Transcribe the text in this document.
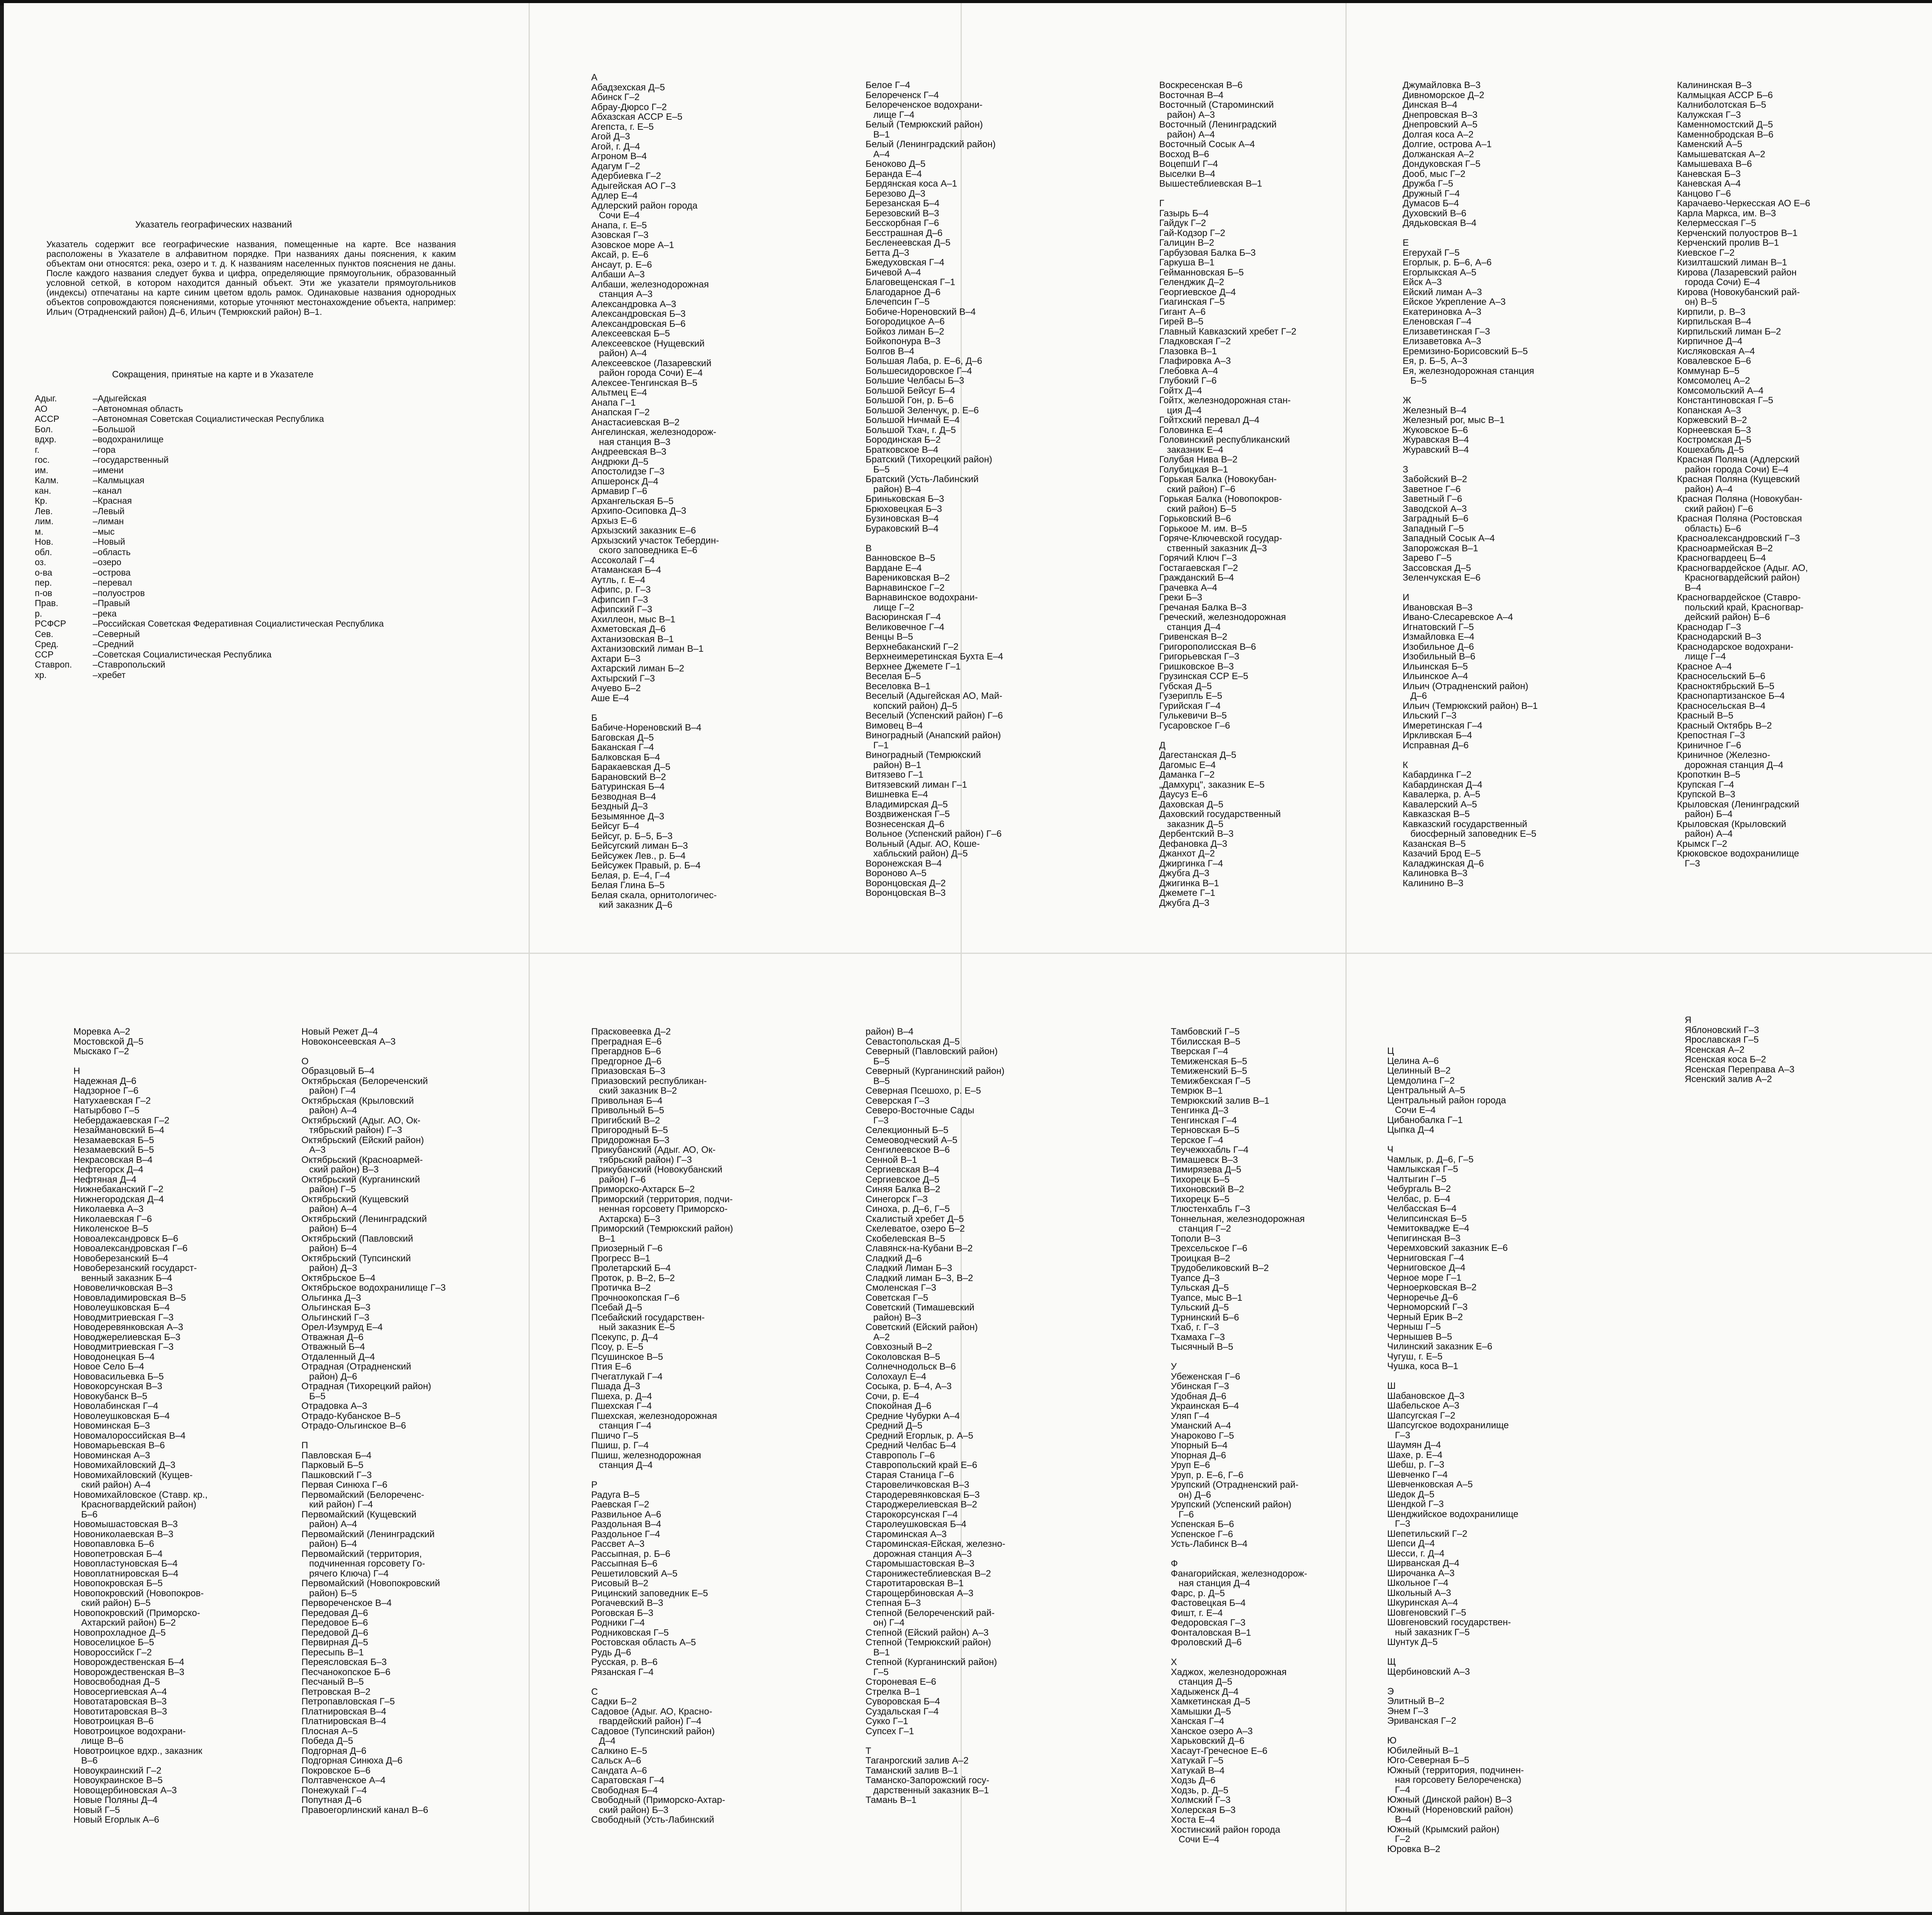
Указатель географических названий
Указатель содержит все географические названия, помещенные на карте. Все названия расположены в Указателе в алфавитном порядке. При названиях даны пояснения, к каким объектам они относятся: река, озеро и т. д. К названиям населенных пунктов пояснения не даны. После каждого названия следует буква и цифра, определяющие прямоугольник, образованный условной сеткой, в котором находится данный объект. Эти же указатели прямоугольников (индексы) отпечатаны на карте синим цветом вдоль рамок. Одинаковые названия однородных объектов сопровождаются пояснениями, которые уточняют местонахождение объекта, например: Ильич (Отрадненский район) Д–6, Ильич (Темрюкский район) В–1.
Сокращения, принятые на карте и в Указателе
Адыг.	–Адыгейская
АО	–Автономная область
АССР	–Автономная Советская Социалистическая Республика
Бол.	–Большой
вдхр.	–водохранилище
г.	–гора
гос.	–государственный
им.	–имени
Калм.	–Калмыцкая
кан.	–канал
Кр.	–Красная
Лев.	–Левый
лим.	–лиман
м.	–мыс
Нов.	–Новый
обл.	–область
оз.	–озеро
о-ва	–острова
пер.	–перевал
п-ов	–полуостров
Прав.	–Правый
р.	–река
РСФСР	–Российская Советская Федеративная Социалистическая Республика
Сев.	–Северный
Сред.	–Средний
ССР	–Советская Социалистическая Республика
Ставроп.	–Ставропольский
хр.	–хребет
А
Абадзехская Д–5
Абинск Г–2
Абрау-Дюрсо Г–2
Абхазская АССР Е–5
Агепста, г. Е–5
Агой Д–3
Агой, г. Д–4
Агроном В–4
Адагум Г–2
Адербиевка Г–2
Адыгейская АО Г–3
Адлер Е–4
Адлерский район города
Сочи Е–4
Анапа, г. Е–5
Азовская Г–3
Азовское море А–1
Аксай, р. Е–6
Ансаут, р. Е–6
Албаши А–3
Албаши, железнодорожная
станция А–3
Александровка А–3
Александровская Б–3
Александровская Б–6
Алексеевская Б–5
Алексеевское (Нущевский
район) А–4
Алексеевское (Лазаревский
район города Сочи) Е–4
Алексее-Тенгинская В–5
Альтмец Е–4
Анапа Г–1
Анапская Г–2
Анастасиевская В–2
Ангелинская, железнодорож-
ная станция В–3
Андреевская В–3
Андрюки Д–5
Апостолидзе Г–3
Апшеронск Д–4
Армавир Г–6
Архангельская Б–5
Архипо-Осиповка Д–3
Архыз Е–6
Архызский заказник Е–6
Архызский участок Тебердин-
ского заповедника Е–6
Ассоколай Г–4
Атаманская Б–4
Аутль, г. Е–4
Афипс, р. Г–3
Афипсип Г–3
Афипский Г–3
Ахиллеон, мыс В–1
Ахметовская Д–6
Ахтанизовская В–1
Ахтанизовский лиман В–1
Ахтари Б–3
Ахтарский лиман Б–2
Ахтырский Г–3
Ачуево Б–2
Аше Е–4

Б
Бабиче-Нореновский В–4
Баговская Д–5
Баканская Г–4
Балковская Б–4
Баракаевская Д–5
Барановский В–2
Батуринская Б–4
Безводная В–4
Бездный Д–3
Безымянное Д–3
Бейсуг Б–4
Бейсуг, р. Б–5, Б–3
Бейсугский лиман Б–3
Бейсужек Лев., р. Б–4
Бейсужек Правый, р. Б–4
Белая, р. Е–4, Г–4
Белая Глина Б–5
Белая скала, орнитологичес-
кий заказник Д–6
Белое Г–4
Белореченск Г–4
Белореченское водохрани-
лище Г–4
Белый (Темрюкский район)
В–1
Белый (Ленинградский район)
А–4
Беноково Д–5
Беранда Е–4
Бердянская коса А–1
Березово Д–3
Березанская Б–4
Березовский В–3
Бесскорбная Г–6
Бесстрашная Д–6
Бесленеевская Д–5
Бетта Д–3
Бжедуховская Г–4
Бичевой А–4
Благовещенская Г–1
Благодарное Д–6
Блечепсин Г–5
Бобиче-Нореновский В–4
Богородицкое А–6
Бойкоз лиман Б–2
Бойкопонура В–3
Болгов В–4
Большая Лаба, р. Е–6, Д–6
Большесидоровское Г–4
Большие Челбасы Б–3
Большой Бейсуг Б–4
Большой Гон, р. Б–6
Большой Зеленчук, р. Е–6
Большой Ничмай Е–4
Большой Тхач, г. Д–5
Бородинская Б–2
Братковское В–4
Братский (Тихорецкий район)
Б–5
Братский (Усть-Лабинский
район) В–4
Бриньковская Б–3
Брюховецкая Б–3
Бузиновская В–4
Бураковский В–4

В
Ванновское В–5
Вардане Е–4
Варениковская В–2
Варнавинское Г–2
Варнавинское водохрани-
лище Г–2
Васюринская Г–4
Великовечное Г–4
Венцы В–5
Верхнебаканский Г–2
Верхнеимеретинская Бухта Е–4
Верхнее Джемете Г–1
Веселая Б–5
Веселовка В–1
Веселый (Адыгейская АО, Май-
копский район) Д–5
Веселый (Успенский район) Г–6
Вимовец В–4
Виноградный (Анапский район)
Г–1
Виноградный (Темрюкский
район) В–1
Витязево Г–1
Витязевский лиман Г–1
Вишневка Е–4
Владимирская Д–5
Воздвиженская Г–5
Вознесенская Д–6
Вольное (Успенский район) Г–6
Вольный (Адыг. АО, Коше-
хабльский район) Д–5
Воронежская В–4
Вороново А–5
Воронцовская Д–2
Воронцовская В–3
Воскресенская В–6
Восточная В–4
Восточный (Староминский
район) А–3
Восточный (Ленинградский
район) А–4
Восточный Сосык А–4
Восход В–6
ВоцепшИ Г–4
Выселки В–4
Вышестеблиевская В–1

Г
Газырь Б–4
Гайдук Г–2
Гай-Кодзор Г–2
Галицин В–2
Гарбузовая Балка Б–3
Гаркуша В–1
Гейманновская Б–5
Геленджик Д–2
Георгиевское Д–4
Гиагинская Г–5
Гигант А–6
Гирей В–5
Главный Кавказский хребет Г–2
Гладковская Г–2
Глазовка В–1
Глафировка А–3
Глебовка А–4
Глубокий Г–6
Гойтх Д–4
Гойтх, железнодорожная стан-
ция Д–4
Гойтхский перевал Д–4
Головинка Е–4
Головинский республиканский
заказник Е–4
Голубая Нива В–2
Голубицкая В–1
Горькая Балка (Новокубан-
ский район) Г–6
Горькая Балка (Новопокров-
ский район) Б–5
Горьковский В–6
Горькоое М. им. В–5
Горяче-Ключевской государ-
ственный заказник Д–3
Горячий Ключ Г–3
Гостагаевская Г–2
Гражданский Б–4
Грачевка А–4
Греки Б–3
Гречаная Балка В–3
Греческий, железнодорожная
станция Д–4
Гривенская В–2
Григорополисская В–6
Григорьевская Г–3
Гришковское В–3
Грузинская ССР Е–5
Губская Д–5
Гузерипль Е–5
Гурийская Г–4
Гулькевичи В–5
Гусаровское Г–6

Д
Дагестанская Д–5
Дагомыс Е–4
Даманка Г–2
„Дамхурц", заказник Е–5
Даусуз Е–6
Даховская Д–5
Даховский государственный
заказник Д–5
Дербентский В–3
Дефановка Д–3
Джанхот Д–2
Джиргинка Г–4
Джубга Д–3
Джигинка В–1
Джемете Г–1
Джубга Д–3
Джумайловка В–3
Дивноморское Д–2
Динская В–4
Днепровская В–3
Днепровский А–5
Долгая коса А–2
Долгие, острова А–1
Должанская А–2
Дондуковская Г–5
Дооб, мыс Г–2
Дружба Г–5
Дружный Г–4
Думасов Б–4
Духовский В–6
Дядьковская В–4

Е
Егерухай Г–5
Егорлык, р. Б–6, А–6
Егорлыкская А–5
Ейск А–3
Ейский лиман А–3
Ейское Укрепление А–3
Екатериновка А–3
Еленовская Г–4
Елизаветинская Г–3
Елизаветовка А–3
Еремизино-Борисовский Б–5
Ея, р. Б–5, А–3
Ея, железнодорожная станция
Б–5

Ж
Железный В–4
Железный рог, мыс В–1
Жуковское Б–6
Журавская В–4
Журавский В–4

З
Забойский В–2
Заветное Г–6
Заветный Г–6
Заводской А–3
Заградный Б–6
Западный Г–5
Западный Сосык А–4
Запорожская В–1
Зарево Г–5
Зассовская Д–5
Зеленчукская Е–6

И
Ивановская В–3
Ивано-Слесаревское А–4
Игнатовский Г–5
Измайловка Е–4
Изобильное Д–6
Изобильный В–6
Ильинская Б–5
Ильинское А–4
Ильич (Отрадненский район)
Д–6
Ильич (Темрюкский район) В–1
Ильский Г–3
Имеретинская Г–4
Иркливская Б–4
Исправная Д–6

К
Кабардинка Г–2
Кабардинская Д–4
Кавалерка, р. А–5
Кавалерский А–5
Кавказская В–5
Кавказский государственный
биосферный заповедник Е–5
Казанская В–5
Казачий Брод Е–5
Каладжинская Д–6
Калиновка В–3
Калинино В–3
Калининская В–3
Калмыцкая АССР Б–6
Калниболотская Б–5
Калужская Г–3
Каменномостский Д–5
Каменнобродская В–6
Каменский А–5
Камышеватская А–2
Камышеваха В–6
Каневская Б–3
Каневская А–4
Канцово Г–6
Карачаево-Черкесская АО Е–6
Карла Маркса, им. В–3
Келермесская Г–5
Керченский полуостров В–1
Керченский пролив В–1
Киевское Г–2
Кизилташский лиман В–1
Кирова (Лазаревский район
города Сочи) Е–4
Кирова (Новокубанский рай-
он) В–5
Кирпили, р. В–3
Кирпильская В–4
Кирпильский лиман Б–2
Кирпичное Д–4
Кисляковская А–4
Ковалевское Б–6
Коммунар Б–5
Комсомолец А–2
Комсомольский А–4
Константиновская Г–5
Копанская А–3
Коржевский В–2
Корнеевская Б–3
Костромская Д–5
Кошехабль Д–5
Красная Поляна (Адлерский
район города Сочи) Е–4
Красная Поляна (Кущевский
район) А–4
Красная Поляна (Новокубан-
ский район) Г–6
Красная Поляна (Ростовская
область) Б–6
Красноалександровский Г–3
Красноармейская В–2
Красногвардеец Б–4
Красногвардейское (Адыг. АО,
Красногвардейский район)
В–4
Красногвардейское (Ставро-
польский край, Красногвар-
дейский район) Б–6
Краснодар Г–3
Краснодарский В–3
Краснодарское водохрани-
лище Г–4
Красное А–4
Красносельский Б–6
Красноктябрьский Б–5
Краснопартизанское Б–4
Красносельская В–4
Красный В–5
Красный Октябрь В–2
Крепостная Г–3
Криничное Г–6
Криничное (Железно-
дорожная станция Д–4
Кропоткин В–5
Крупская Г–4
Крупской В–3
Крыловская (Ленинградский
район) Б–4
Крыловская (Крыловский
район) А–4
Крымск Г–2
Крюковское водохранилище
Г–3
Моревка А–2
Мостовской Д–5
Мыскако Г–2

Н
Надежная Д–6
Надзорное Г–6
Натухаевская Г–2
Натырбово Г–5
Небердажаевская Г–2
Незаймановский Б–4
Незамаевская Б–5
Незамаевский Б–5
Некрасовская В–4
Нефтегорск Д–4
Нефтяная Д–4
Нижнебаканский Г–2
Нижнегородская Д–4
Николаевка А–3
Николаевская Г–6
Николенское В–5
Новоалександровск Б–6
Новоалександровская Г–6
Новоберезанский Б–4
Новоберезанский государст-
венный заказник Б–4
Нововеличковская В–3
Нововладимировская В–5
Новолеушковская Б–4
Новодмитриевская Г–3
Новодеревянковская А–3
Новоджерелиевская Б–3
Новодмитриевская Г–3
Новодонецкая Б–4
Новое Село Б–4
Нововасильевка Б–5
Новокорсунская В–3
Новокубанск В–5
Новолабинская Г–4
Новолеушковская Б–4
Новоминская Б–3
Новомалороссийская В–4
Новомарьевская В–6
Новоминская А–3
Новомихайловский Д–3
Новомихайловский (Кущев-
ский район) А–4
Новомихайловское (Ставр. кр.,
Красногвардейский район)
Б–6
Новомышастовская В–3
Новониколаевская В–3
Новопавловка Б–6
Новопетровская Б–4
Новопластуновская Б–4
Новоплатнировская Б–4
Новопокровская Б–5
Новопокровский (Новопокров-
ский район) Б–5
Новопокровский (Приморско-
Ахтарский район) Б–2
Новопрохладное Д–5
Новоселицкое Б–5
Новороссийск Г–2
Новорождественская Б–4
Новорождественская В–3
Новосвободная Д–5
Новосергиевская А–4
Новотатаровская В–3
Новотитаровская В–3
Новотроицкая В–6
Новотроицкое водохрани-
лище В–6
Новотроицкое вдхр., заказник
В–6
Новоукраинский Г–2
Новоукраинское В–5
Новощербиновская А–3
Новые Поляны Д–4
Новый Г–5
Новый Егорлык А–6
Новый Режет Д–4
Новоконсеевская А–3

О
Образцовый Б–4
Октябрьская (Белореченский
район) Г–4
Октябрьская (Крыловский
район) А–4
Октябрьский (Адыг. АО, Ок-
тябрьский район) Г–3
Октябрьский (Ейский район)
А–3
Октябрьский (Красноармей-
ский район) В–3
Октябрьский (Курганинский
район) Г–5
Октябрьский (Кущевский
район) А–4
Октябрьский (Ленинградский
район) Б–4
Октябрьский (Павловский
район) Б–4
Октябрьский (Тупсинский
район) Д–3
Октябрьское Б–4
Октябрьское водохранилище Г–3
Ольгинка Д–3
Ольгинская Б–3
Ольгинский Г–3
Орел-Изумруд Е–4
Отважная Д–6
Отважный Б–4
Отдаленный Д–4
Отрадная (Отрадненский
район) Д–6
Отрадная (Тихорецкий район)
Б–5
Отрадовка А–3
Отрадо-Кубанское В–5
Отрадо-Ольгинское В–6

П
Павловская Б–4
Парковый Б–5
Пашковский Г–3
Первая Синюха Г–6
Первомайский (Белореченс-
кий район) Г–4
Первомайский (Кущевский
район) А–4
Первомайский (Ленинградский
район) Б–4
Первомайский (территория,
подчиненная горсовету Го-
рячего Ключа) Г–4
Первомайский (Новопокровский
район) Б–5
Первореченское В–4
Передовая Д–6
Передовое Б–6
Передовой Д–6
Первирная Д–5
Пересыпь В–1
Переясловская Б–3
Песчанокопское Б–6
Песчаный В–5
Петровская В–2
Петропавловская Г–5
Платнировская В–4
Платнировская В–4
Плосная А–5
Победа Д–5
Подгорная Д–6
Подгорная Синюха Д–6
Покровское Б–6
Полтавченское А–4
Понежукай Г–4
Попутная Д–6
Правоегорлинский канал В–6
Прасковеевка Д–2
Преградная Е–6
Прегарднов Б–6
Предгорное Д–6
Приазовская Б–3
Приазовский республикан-
ский заказник В–2
Привольная Б–4
Привольный Б–5
Пригибский В–2
Пригородный Б–5
Придорожная Б–3
Прикубанский (Адыг. АО, Ок-
тябрьский район) Г–3
Прикубанский (Новокубанский
район) Г–6
Приморско-Ахтарск Б–2
Приморский (территория, подчи-
ненная горсовету Приморско-
Ахтарска) Б–3
Приморский (Темрюкский район)
В–1
Приозерный Г–6
Прогресс В–1
Пролетарский Б–4
Проток, р. В–2, Б–2
Протичка В–2
Прочноокопская Г–6
Псебай Д–5
Псебайский государствен-
ный заказник Е–5
Псекупс, р. Д–4
Псоу, р. Е–5
Псушинское В–5
Птия Е–6
Пчегатлукай Г–4
Пшада Д–3
Пшеха, р. Д–4
Пшехская Г–4
Пшехская, железнодорожная
станция Г–4
Пшичо Г–5
Пшиш, р. Г–4
Пшиш, железнодорожная
станция Д–4

Р
Радуга В–5
Раевская Г–2
Развильное А–6
Раздольная В–4
Раздольное Г–4
Рассвет А–3
Рассыпная, р. Б–6
Рассыпная Б–6
Решетиловский А–5
Рисовый В–2
Рицинский заповедник Е–5
Рогачевский В–3
Роговская Б–3
Родники Г–4
Родниковская Г–5
Ростовская область А–5
Рудь Д–6
Русская, р. В–6
Рязанская Г–4

С
Садки Б–2
Садовое (Адыг. АО, Красно-
гвардейский район) Г–4
Садовое (Тупсинский район)
Д–4
Салкино Е–5
Сальск А–6
Сандата А–6
Саратовская Г–4
Свободная Б–4
Свободный (Приморско-Ахтар-
ский район) Б–3
Свободный (Усть-Лабинский
район) В–4
Севастопольская Д–5
Северный (Павловский район)
Б–5
Северный (Курганинский район)
В–5
Северная Псешохо, р. Е–5
Северская Г–3
Северо-Восточные Сады
Г–3
Селекционный Б–5
Семеоводческий А–5
Сенгилеевское В–6
Сенной В–1
Сергиевская В–4
Сергиевское Д–5
Синяя Балка В–2
Синегорск Г–3
Синоха, р. Д–6, Г–5
Скалистый хребет Д–5
Скелеватое, озеро Б–2
Скобелевская В–5
Славянск-на-Кубани В–2
Сладкий Д–6
Сладкий Лиман Б–3
Сладкий лиман Б–3, В–2
Смоленская Г–3
Советская Г–5
Советский (Тимашевский
район) В–3
Советский (Ейский район)
А–2
Совхозный В–2
Соколовская В–5
Солнечнодольск В–6
Солохаул Е–4
Сосыка, р. Б–4, А–3
Сочи, р. Е–4
Спокойная Д–6
Средние Чубурки А–4
Средний Д–5
Средний Егорлык, р. А–5
Средний Челбас Б–4
Ставрополь Г–6
Ставропольский край Е–6
Старая Станица Г–6
Старовеличковская В–3
Стародеревянковская Б–3
Староджерелиевская В–2
Старокорсунская Г–4
Старолеушковская Б–4
Староминская А–3
Староминская-Ейская, железно-
дорожная станция А–3
Старомышастовская В–3
Старонижестеблиевская В–2
Старотитаровская В–1
Старощербиновская А–3
Степная Б–3
Степной (Белореченский рай-
он) Г–4
Степной (Ейский район) А–3
Степной (Темрюкский район)
В–1
Степной (Курганинский район)
Г–5
Стороневая Е–6
Стрелка В–1
Суворовская Б–4
Суздальская Г–4
Сукко Г–1
Супсех Г–1

Т
Таганрогский залив А–2
Таманский залив В–1
Таманско-Запорожский госу-
дарственный заказник В–1
Тамань В–1
Тамбовский Г–5
Тбилисская В–5
Тверская Г–4
Темиженская Б–5
Темиженский Б–5
Темижбекская Г–5
Темрюк В–1
Темрюкский залив В–1
Тенгинка Д–3
Тенгинская Г–4
Терновская Б–5
Терское Г–4
Теучежкхабль Г–4
Тимашевск В–3
Тимирязева Д–5
Тихорецк Б–5
Тихоновский В–2
Тихорецк Б–5
Тлюстенхабль Г–3
Тоннельная, железнодорожная
станция Г–2
Тополи В–3
Трехсельское Г–6
Троицкая В–2
Трудобеликовский В–2
Туапсе Д–3
Тульская Д–5
Туапсе, мыс В–1
Тульский Д–5
Турнинский Б–6
Тхаб, г. Г–3
Тхамаха Г–3
Тысячный В–5

У
Убеженская Г–6
Убинская Г–3
Удобная Д–6
Украинская Б–4
Уляп Г–4
Уманский А–4
Унароково Г–5
Упорный Б–4
Упорная Д–6
Уруп Е–6
Уруп, р. Е–6, Г–6
Урупский (Отрадненский рай-
он) Д–6
Урупский (Успенский район)
Г–6
Успенская Б–6
Успенское Г–6
Усть-Лабинск В–4

Ф
Фанагорийская, железнодорож-
ная станция Д–4
Фарс, р. Д–5
Фастовецкая Б–4
Фишт, г. Е–4
Федоровская Г–3
Фонталовская В–1
Фроловский Д–6

Х
Хаджох, железнодорожная
станция Д–5
Хадыженск Д–4
Хамкетинская Д–5
Хамышки Д–5
Ханская Г–4
Ханское озеро А–3
Харьковский Д–6
Хасаут-Гречесное Е–6
Хатукай Г–5
Хатукай В–4
Ходзь Д–6
Ходзь, р. Д–5
Холмский Г–3
Холерская Б–3
Хоста Е–4
Хостинский район города
Сочи Е–4
Ц
Целина А–6
Целинный В–2
Цемдолина Г–2
Центральный А–5
Центральный район города
Сочи Е–4
Цибанобалка Г–1
Цыпка Д–4

Ч
Чамлык, р. Д–6, Г–5
Чамлыкская Г–5
Чалтыгин Г–5
Чебургаль В–2
Челбас, р. Б–4
Челбасская Б–4
Челипсинская Б–5
Чемитоквадже Е–4
Чепигинская В–3
Черемховский заказник Е–6
Черниговская Г–4
Черниговское Д–4
Черное море Г–1
Черноерковская В–2
Черноречье Д–6
Черноморский Г–3
Черный Ерик В–2
Черныш Г–5
Чернышев В–5
Чилинский заказник Е–6
Чугуш, г. Е–5
Чушка, коса В–1

Ш
Шабановское Д–3
Шабельское А–3
Шапсугская Г–2
Шапсугское водохранилище
Г–3
Шаумян Д–4
Шахе, р. Е–4
Шебш, р. Г–3
Шевченко Г–4
Шевченковская А–5
Шедок Д–5
Шендкой Г–3
Шенджийское водохранилище
Г–3
Шепетильский Г–2
Шепси Д–4
Шесси, г. Д–4
Ширванская Д–4
Широчанка А–3
Школьное Г–4
Школьный А–3
Шкуринская А–4
Шовгеновский Г–5
Шовгеновский государствен-
ный заказник Г–5
Шунтук Д–5

Щ
Щербиновский А–3

Э
Элитный В–2
Энем Г–3
Эриванская Г–2

Ю
Юбилейный В–1
Юго-Северная Б–5
Южный (территория, подчинен-
ная горсовету Белореченска)
Г–4
Южный (Динской район) В–3
Южный (Нореновский район)
В–4
Южный (Крымский район)
Г–2
Юровка В–2
Я
Яблоновский Г–3
Ярославская Г–5
Ясенская А–2
Ясенская коса Б–2
Ясенская Переправа А–3
Ясенский залив А–2
